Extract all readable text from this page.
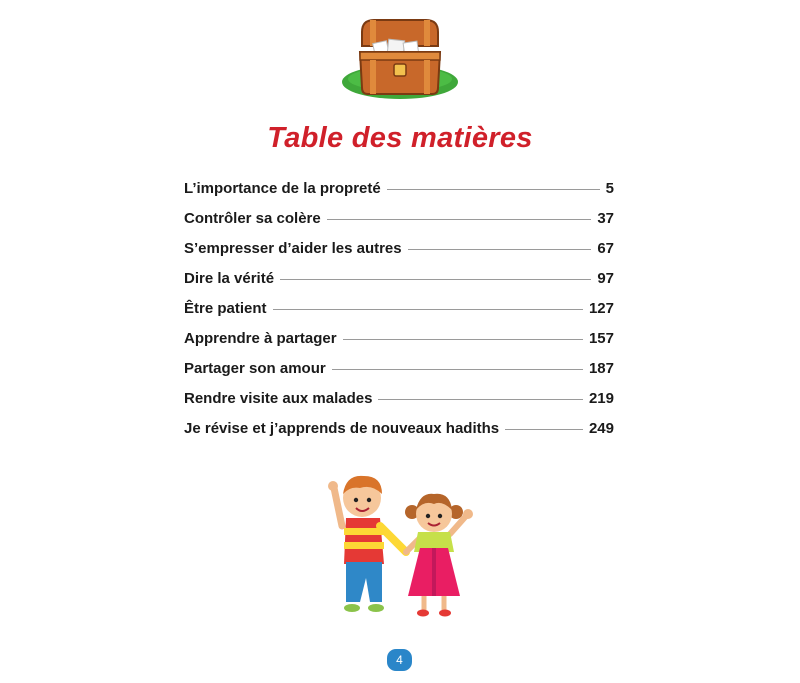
Table des matières
L’importance de la propreté	5
Contrôler sa colère	37
S’empresser d’aider les autres	67
Dire la vérité	97
Être patient	127
Apprendre à partager	157
Partager son amour	187
Rendre visite aux malades	219
Je révise et j’apprends de nouveaux hadiths	249
4
